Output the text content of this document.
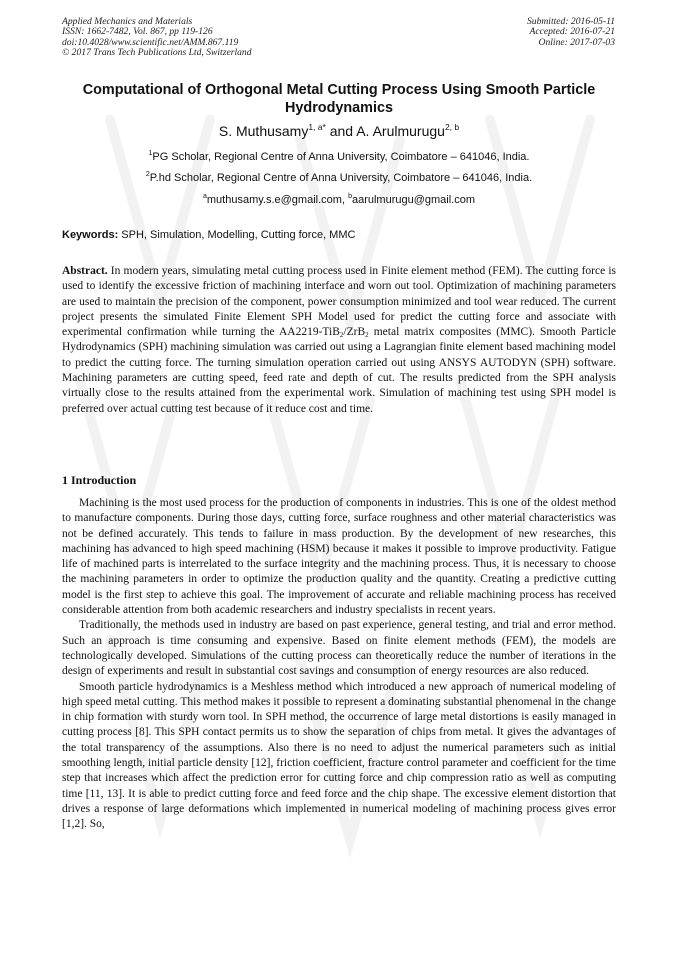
Applied Mechanics and Materials
ISSN: 1662-7482, Vol. 867, pp 119-126
doi:10.4028/www.scientific.net/AMM.867.119
© 2017 Trans Tech Publications Ltd, Switzerland
Submitted: 2016-05-11
Accepted: 2016-07-21
Online: 2017-07-03
Computational of Orthogonal Metal Cutting Process Using Smooth Particle Hydrodynamics
S. Muthusamy$^{1, a*}$ and A. Arulmurugu$^{2, b}$
$^1$PG Scholar, Regional Centre of Anna University, Coimbatore – 641046, India.
$^2$P.hd Scholar, Regional Centre of Anna University, Coimbatore – 641046, India.
$^a$muthusamy.s.e@gmail.com, $^b$aarulmurugu@gmail.com
Keywords: SPH, Simulation, Modelling, Cutting force, MMC
Abstract. In modern years, simulating metal cutting process used in Finite element method (FEM). The cutting force is used to identify the excessive friction of machining interface and worn out tool. Optimization of machining parameters are used to maintain the precision of the component, power consumption minimized and tool wear reduced. The current project presents the simulated Finite Element SPH Model used for predict the cutting force and associate with experimental confirmation while turning the AA2219-TiB$_2$/ZrB$_2$ metal matrix composites (MMC). Smooth Particle Hydrodynamics (SPH) machining simulation was carried out using a Lagrangian finite element based machining model to predict the cutting force. The turning simulation operation carried out using ANSYS AUTODYN (SPH) software. Machining parameters are cutting speed, feed rate and depth of cut. The results predicted from the SPH analysis virtually close to the results attained from the experimental work. Simulation of machining test using SPH model is preferred over actual cutting test because of it reduce cost and time.
1 Introduction

Machining is the most used process for the production of components in industries. This is one of the oldest method to manufacture components. During those days, cutting force, surface roughness and other material characteristics was not be defined accurately. This tends to failure in mass production. By the development of new researches, this machining has advanced to high speed machining (HSM) because it makes it possible to improve productivity. Fatigue life of machined parts is interrelated to the surface integrity and the machining process. Thus, it is necessary to choose the machining parameters in order to optimize the production quality and the quantity. Creating a predictive cutting model is the first step to achieve this goal. The improvement of accurate and reliable machining process has received considerable attention from both academic researchers and industry specialists in recent years.

Traditionally, the methods used in industry are based on past experience, general testing, and trial and error method. Such an approach is time consuming and expensive. Based on finite element methods (FEM), the models are technologically developed. Simulations of the cutting process can theoretically reduce the number of iterations in the design of experiments and result in substantial cost savings and consumption of energy resources are also reduced.

Smooth particle hydrodynamics is a Meshless method which introduced a new approach of numerical modeling of high speed metal cutting. This method makes it possible to represent a dominating substantial phenomenal in the change in chip formation with sturdy worn tool. In SPH method, the occurrence of large metal distortions is easily managed in cutting process [8]. This SPH contact permits us to show the separation of chips from metal. It gives the advantages of the total transparency of the assumptions. Also there is no need to adjust the numerical parameters such as initial smoothing length, initial particle density [12], friction coefficient, fracture control parameter and coefficient for the time step that increases which affect the prediction error for cutting force and chip compression ratio as well as computing time [11, 13]. It is able to predict cutting force and feed force and the chip shape. The excessive element distortion that drives a response of large deformations which implemented in numerical modeling of machining process gives error [1,2]. So,
